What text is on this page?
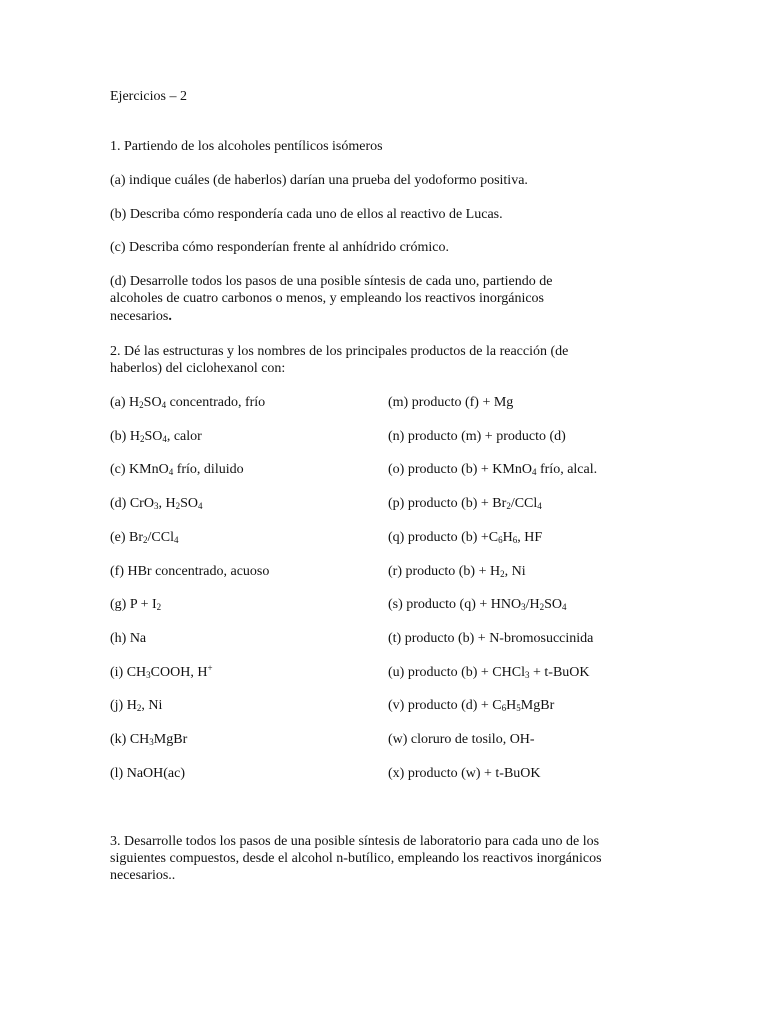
Ejercicios – 2
1. Partiendo de los alcoholes pentílicos isómeros
(a) indique cuáles (de haberlos) darían una prueba del yodoformo positiva.
(b) Describa cómo respondería cada uno de ellos al reactivo de Lucas.
(c) Describa cómo responderían frente al anhídrido crómico.
(d) Desarrolle todos los pasos de una posible síntesis de cada uno, partiendo de
alcoholes de cuatro carbonos o menos, y empleando los reactivos inorgánicos
necesarios.
2. Dé las estructuras y los nombres de los principales productos de la reacción (de
haberlos) del ciclohexanol con:
(a) $H_2SO_4$ concentrado, frío
(b) $H_2SO_4$, calor
(c) KMnO$_4$ frío, diluido
(d) CrO$_3$, $H_2SO_4$
(e) $Br_2/CCl_4$
(f) HBr concentrado, acuoso
(g) $P + I_2$
(h) Na
(i) $CH_3COOH$, H+
(j) $H_2$, Ni
(k) $CH_3MgBr$
(l) NaOH(ac)
(m) producto (f) + Mg
(n) producto (m) + producto (d)
(o) producto (b) + KMnO$_4$ frío, alcal.
(p) producto $(b) + Br_2/CCl_4$
(q) producto $(b) +C_6H_6$, HF
(r) producto $(b) + H_2$, Ni
(s) producto $(q) + HNO_3/H_2SO_4$
(t) producto (b) + N-bromosuccinida
(u) producto (b) + CHCl$_3$ + t-BuOK
(v) producto $(d) + C_6H_5MgBr$
(w) cloruro de tosilo, OH-
(x) producto (w) + t-BuOK
3. Desarrolle todos los pasos de una posible síntesis de laboratorio para cada uno de los
siguientes compuestos, desde el alcohol n-butílico, empleando los reactivos inorgánicos
necesarios..
